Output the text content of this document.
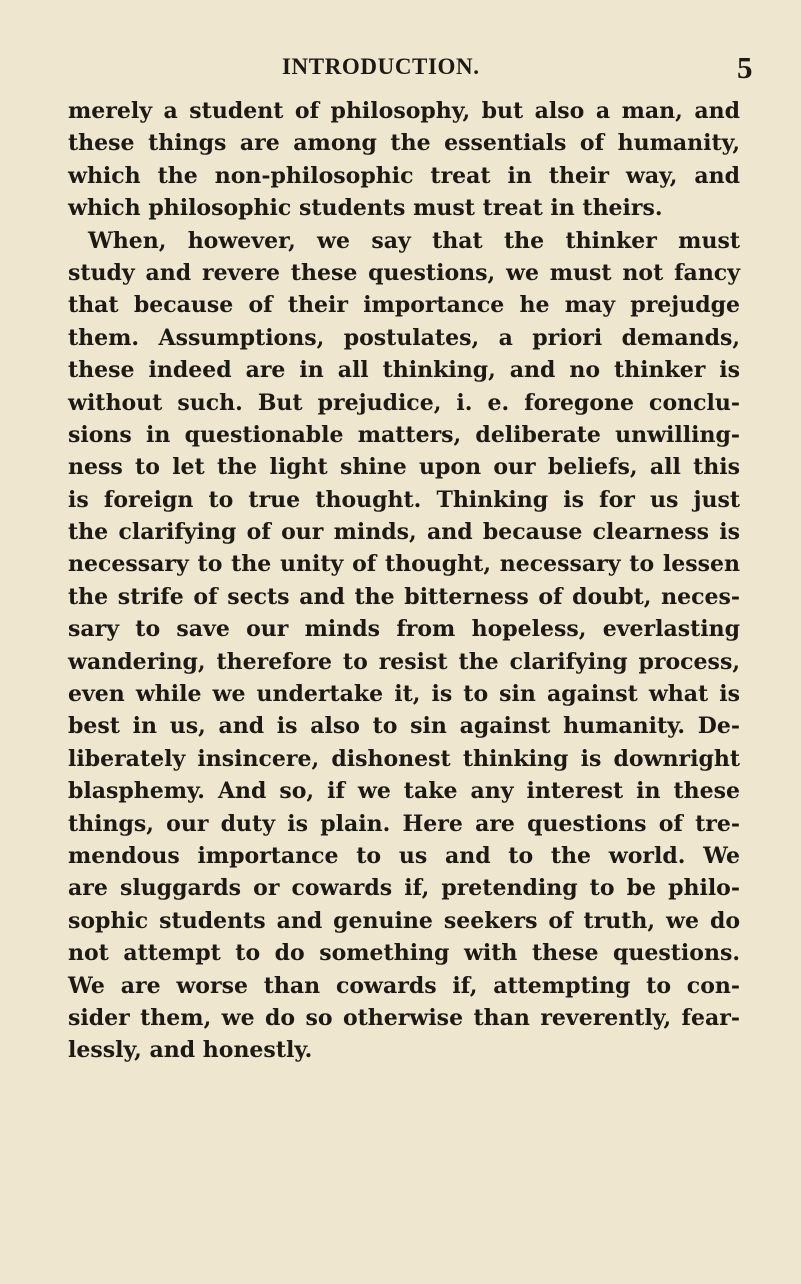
INTRODUCTION.	5
merely a student of philosophy, but also a man, and
these things are among the essentials of humanity,
which the non-philosophic treat in their way, and
which philosophic students must treat in theirs.
When, however, we say that the thinker must
study and revere these questions, we must not fancy
that because of their importance he may prejudge
them. Assumptions, postulates, a priori demands,
these indeed are in all thinking, and no thinker is
without such. But prejudice, i. e. foregone conclu-
sions in questionable matters, deliberate unwilling-
ness to let the light shine upon our beliefs, all this
is foreign to true thought. Thinking is for us just
the clarifying of our minds, and because clearness is
necessary to the unity of thought, necessary to lessen
the strife of sects and the bitterness of doubt, neces-
sary to save our minds from hopeless, everlasting
wandering, therefore to resist the clarifying process,
even while we undertake it, is to sin against what is
best in us, and is also to sin against humanity. De-
liberately insincere, dishonest thinking is downright
blasphemy. And so, if we take any interest in these
things, our duty is plain. Here are questions of tre-
mendous importance to us and to the world. We
are sluggards or cowards if, pretending to be philo-
sophic students and genuine seekers of truth, we do
not attempt to do something with these questions.
We are worse than cowards if, attempting to con-
sider them, we do so otherwise than reverently, fear-
lessly, and honestly.
